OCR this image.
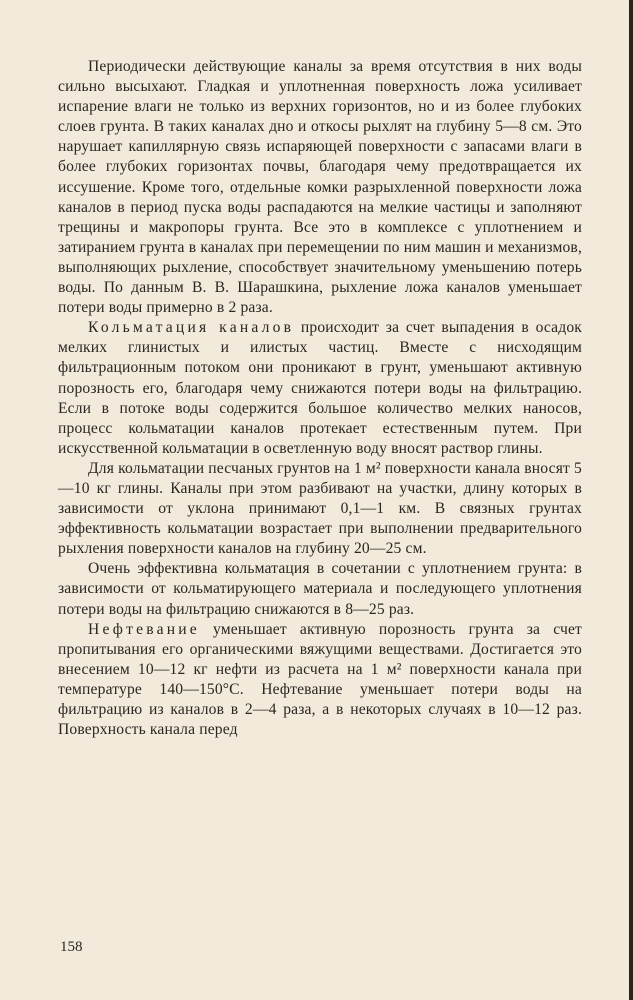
Периодически действующие каналы за время отсутствия в них воды сильно высыхают. Гладкая и уплотненная поверхность ложа усиливает испарение влаги не только из верхних горизонтов, но и из более глубоких слоев грунта. В таких каналах дно и откосы рыхлят на глубину 5—8 см. Это нарушает капиллярную связь испаряющей поверхности с запасами влаги в более глубоких горизонтах почвы, благодаря чему предотвращается их иссушение. Кроме того, отдельные комки разрыхленной поверхности ложа каналов в период пуска воды распадаются на мелкие частицы и заполняют трещины и макропоры грунта. Все это в комплексе с уплотнением и затиранием грунта в каналах при перемещении по ним машин и механизмов, выполняющих рыхление, способствует значительному уменьшению потерь воды. По данным В. В. Шарашкина, рыхление ложа каналов уменьшает потери воды примерно в 2 раза.

Кольматация каналов происходит за счет выпадения в осадок мелких глинистых и илистых частиц. Вместе с нисходящим фильтрационным потоком они проникают в грунт, уменьшают активную порозность его, благодаря чему снижаются потери воды на фильтрацию. Если в потоке воды содержится большое количество мелких наносов, процесс кольматации каналов протекает естественным путем. При искусственной кольматации в осветленную воду вносят раствор глины.

Для кольматации песчаных грунтов на 1 м² поверхности канала вносят 5—10 кг глины. Каналы при этом разбивают на участки, длину которых в зависимости от уклона принимают 0,1—1 км. В связных грунтах эффективность кольматации возрастает при выполнении предварительного рыхления поверхности каналов на глубину 20—25 см.

Очень эффективна кольматация в сочетании с уплотнением грунта: в зависимости от кольматирующего материала и последующего уплотнения потери воды на фильтрацию снижаются в 8—25 раз.

Нефтевание уменьшает активную порозность грунта за счет пропитывания его органическими вяжущими веществами. Достигается это внесением 10—12 кг нефти из расчета на 1 м² поверхности канала при температуре 140—150°С. Нефтевание уменьшает потери воды на фильтрацию из каналов в 2—4 раза, а в некоторых случаях в 10—12 раз. Поверхность канала перед

158
